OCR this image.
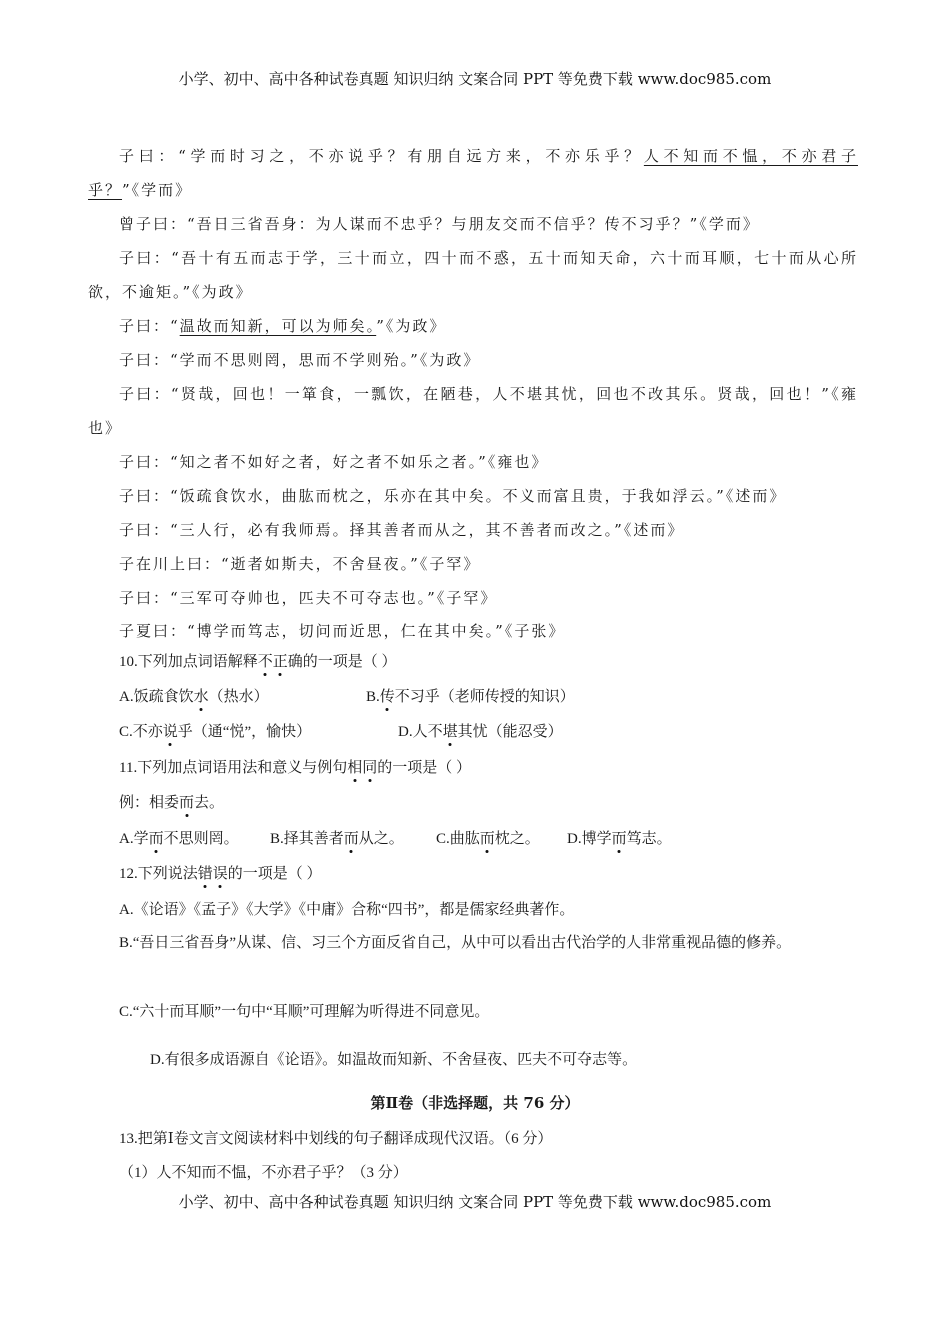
小学、初中、高中各种试卷真题 知识归纳 文案合同 PPT 等免费下载 www.doc985.com
子曰：“学而时习之，不亦说乎？有朋自远方来，不亦乐乎？人不知而不愠，不亦君子乎？”《学而》
曾子曰：“吾日三省吾身：为人谋而不忠乎？与朋友交而不信乎？传不习乎？”《学而》
子曰：“吾十有五而志于学，三十而立，四十而不惑，五十而知天命，六十而耳顺，七十而从心所欲，不逾矩。”《为政》
子曰：“温故而知新，可以为师矣。”《为政》
子曰：“学而不思则罔，思而不学则殆。”《为政》
子曰：“贤哉，回也！一箪食，一瓢饮，在陋巷，人不堪其忧，回也不改其乐。贤哉，回也！”《雍也》
子曰：“知之者不如好之者，好之者不如乐之者。”《雍也》
子曰：“饭疏食饮水，曲肱而枕之，乐亦在其中矣。不义而富且贵，于我如浮云。”《述而》
子曰：“三人行，必有我师焉。择其善者而从之，其不善者而改之。”《述而》
子在川上曰：“逝者如斯夫，不舍昼夜。”《子罕》
子曰：“三军可夺帅也，匹夫不可夺志也。”《子罕》
子夏曰：“博学而笃志，切问而近思，仁在其中矣。”《子张》
10.下列加点词语解释不正确的一项是（ ）
A.饭疏食饮水（热水）	B.传不习乎（老师传授的知识）
C.不亦说乎（通“悦”，愉快）	D.人不堪其忧（能忍受）
11.下列加点词语用法和意义与例句相同的一项是（ ）
例：相委而去。
A.学而不思则罔。 B.择其善者而从之。 C.曲肱而枕之。 D.博学而笃志。
12.下列说法错误的一项是（ ）
A.《论语》《孟子》《大学》《中庸》合称“四书”，都是儒家经典著作。
B.“吾日三省吾身”从谋、信、习三个方面反省自己，从中可以看出古代治学的人非常重视品德的修养。
C.“六十而耳顺”一句中“耳顺”可理解为听得进不同意见。
D.有很多成语源自《论语》。如温故而知新、不舍昼夜、匹夫不可夺志等。
第Ⅱ卷（非选择题，共 76 分）
13.把第Ⅰ卷文言文阅读材料中划线的句子翻译成现代汉语。（6 分）
（1）人不知而不愠，不亦君子乎？（3 分）
小学、初中、高中各种试卷真题 知识归纳 文案合同 PPT 等免费下载 www.doc985.com
